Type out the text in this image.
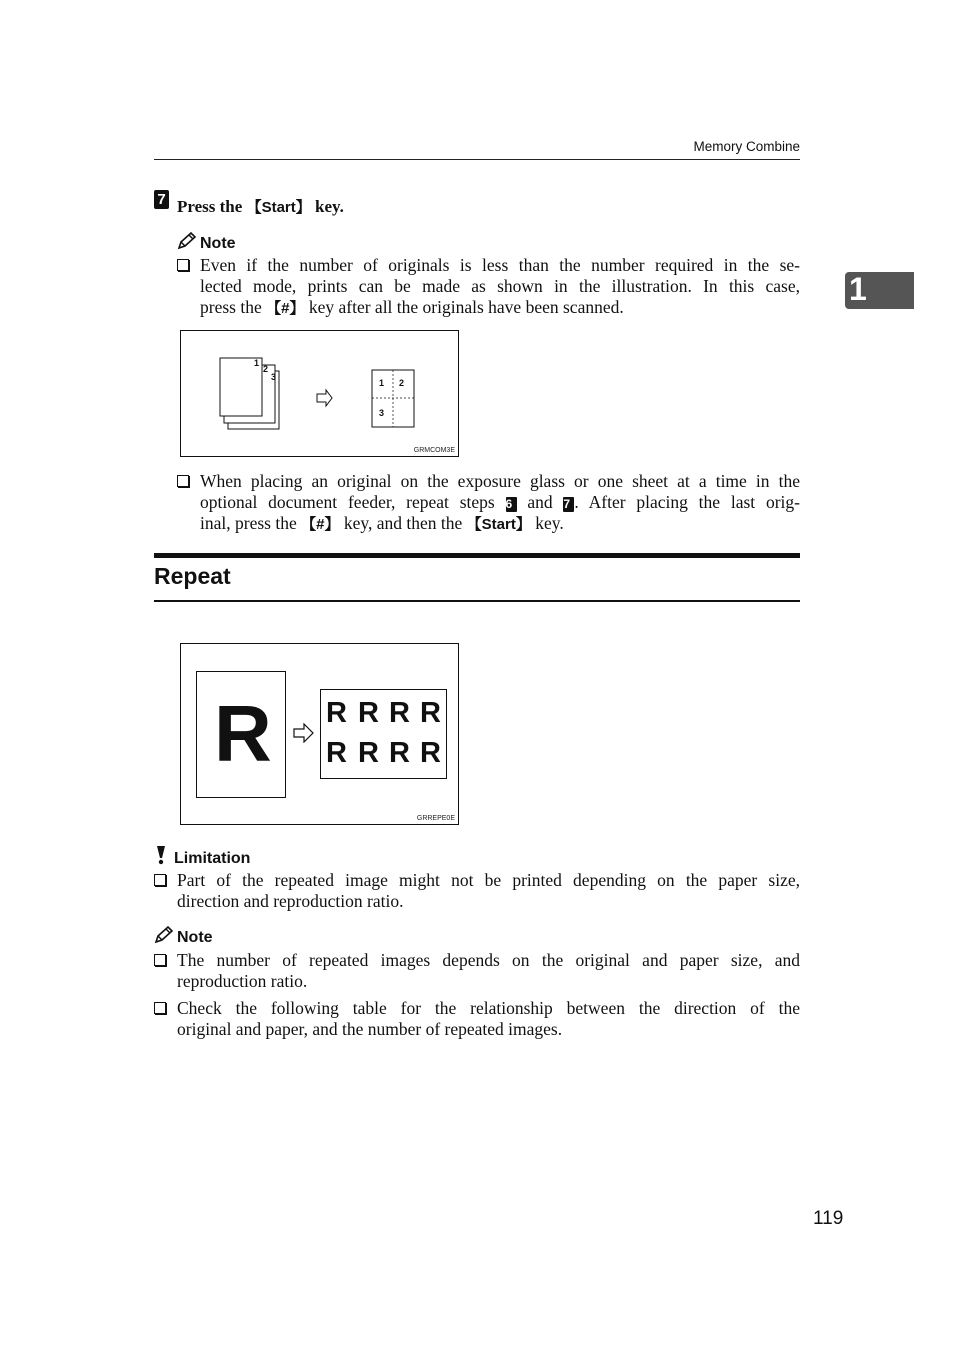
Memory Combine
1
7 Press the 【Start】 key.
Note
Even if the number of originals is less than the number required in the se-
lected mode, prints can be made as shown in the illustration. In this case,
press the 【#】 key after all the originals have been scanned.
1
2
3
1 2
3
GRMCOM3E
When placing an original on the exposure glass or one sheet at a time in the
optional document feeder, repeat steps 6 and 7 . After placing the last orig-
inal, press the 【#】 key, and then the 【Start】 key.
Repeat
R R R R R
R R R R
GRREPE0E
Limitation
Part of the repeated image might not be printed depending on the paper size,
direction and reproduction ratio.
Note
The number of repeated images depends on the original and paper size, and
reproduction ratio.
Check the following table for the relationship between the direction of the
original and paper, and the number of repeated images.
119
